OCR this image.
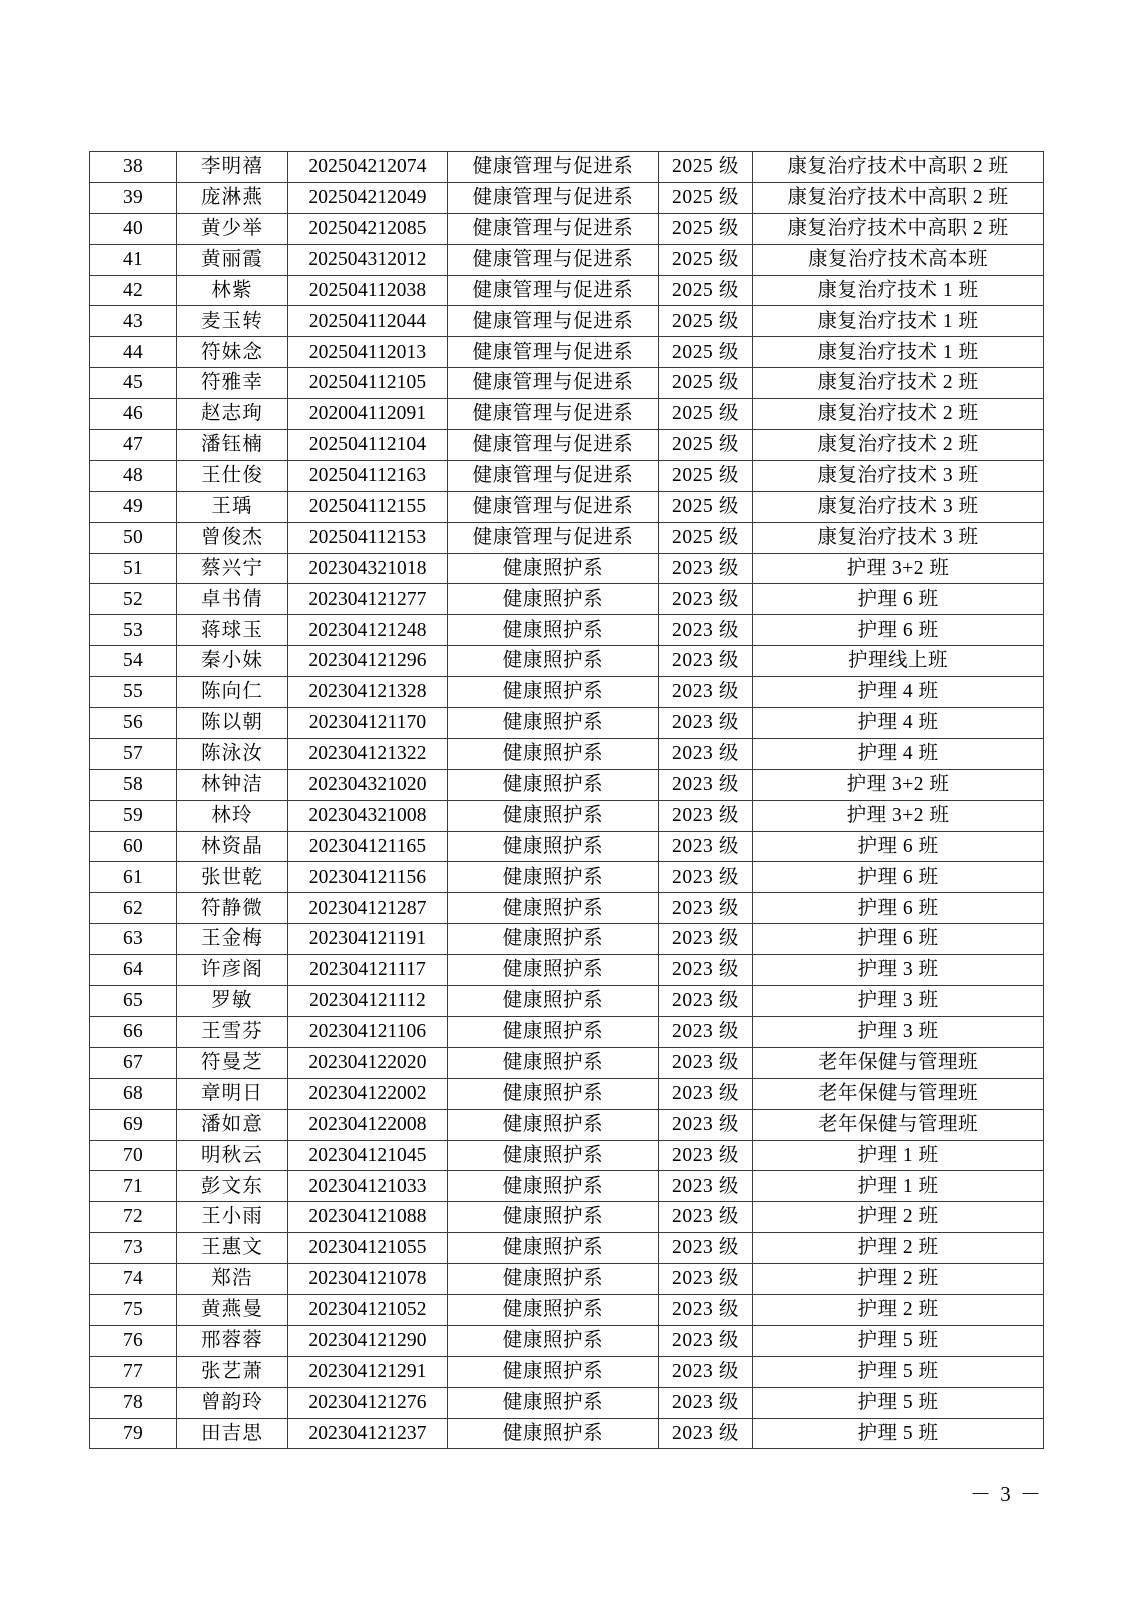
38	李明禧	202504212074	健康管理与促进系	2025 级	康复治疗技术中高职 2 班
39	庞淋燕	202504212049	健康管理与促进系	2025 级	康复治疗技术中高职 2 班
40	黄少举	202504212085	健康管理与促进系	2025 级	康复治疗技术中高职 2 班
41	黄丽霞	202504312012	健康管理与促进系	2025 级	康复治疗技术高本班
42	林紫	202504112038	健康管理与促进系	2025 级	康复治疗技术 1 班
43	麦玉转	202504112044	健康管理与促进系	2025 级	康复治疗技术 1 班
44	符妹念	202504112013	健康管理与促进系	2025 级	康复治疗技术 1 班
45	符雅幸	202504112105	健康管理与促进系	2025 级	康复治疗技术 2 班
46	赵志珣	202004112091	健康管理与促进系	2025 级	康复治疗技术 2 班
47	潘钰楠	202504112104	健康管理与促进系	2025 级	康复治疗技术 2 班
48	王仕俊	202504112163	健康管理与促进系	2025 级	康复治疗技术 3 班
49	王瑀	202504112155	健康管理与促进系	2025 级	康复治疗技术 3 班
50	曾俊杰	202504112153	健康管理与促进系	2025 级	康复治疗技术 3 班
51	蔡兴宁	202304321018	健康照护系	2023 级	护理 3+2 班
52	卓书倩	202304121277	健康照护系	2023 级	护理 6 班
53	蒋球玉	202304121248	健康照护系	2023 级	护理 6 班
54	秦小妹	202304121296	健康照护系	2023 级	护理线上班
55	陈向仁	202304121328	健康照护系	2023 级	护理 4 班
56	陈以朝	202304121170	健康照护系	2023 级	护理 4 班
57	陈泳汝	202304121322	健康照护系	2023 级	护理 4 班
58	林钟洁	202304321020	健康照护系	2023 级	护理 3+2 班
59	林玲	202304321008	健康照护系	2023 级	护理 3+2 班
60	林资晶	202304121165	健康照护系	2023 级	护理 6 班
61	张世乾	202304121156	健康照护系	2023 级	护理 6 班
62	符静微	202304121287	健康照护系	2023 级	护理 6 班
63	王金梅	202304121191	健康照护系	2023 级	护理 6 班
64	许彦阁	202304121117	健康照护系	2023 级	护理 3 班
65	罗敏	202304121112	健康照护系	2023 级	护理 3 班
66	王雪芬	202304121106	健康照护系	2023 级	护理 3 班
67	符曼芝	202304122020	健康照护系	2023 级	老年保健与管理班
68	章明日	202304122002	健康照护系	2023 级	老年保健与管理班
69	潘如意	202304122008	健康照护系	2023 级	老年保健与管理班
70	明秋云	202304121045	健康照护系	2023 级	护理 1 班
71	彭文东	202304121033	健康照护系	2023 级	护理 1 班
72	王小雨	202304121088	健康照护系	2023 级	护理 2 班
73	王惠文	202304121055	健康照护系	2023 级	护理 2 班
74	郑浩	202304121078	健康照护系	2023 级	护理 2 班
75	黄燕曼	202304121052	健康照护系	2023 级	护理 2 班
76	邢蓉蓉	202304121290	健康照护系	2023 级	护理 5 班
77	张艺萧	202304121291	健康照护系	2023 级	护理 5 班
78	曾韵玲	202304121276	健康照护系	2023 级	护理 5 班
79	田吉思	202304121237	健康照护系	2023 级	护理 5 班
－ 3 －
